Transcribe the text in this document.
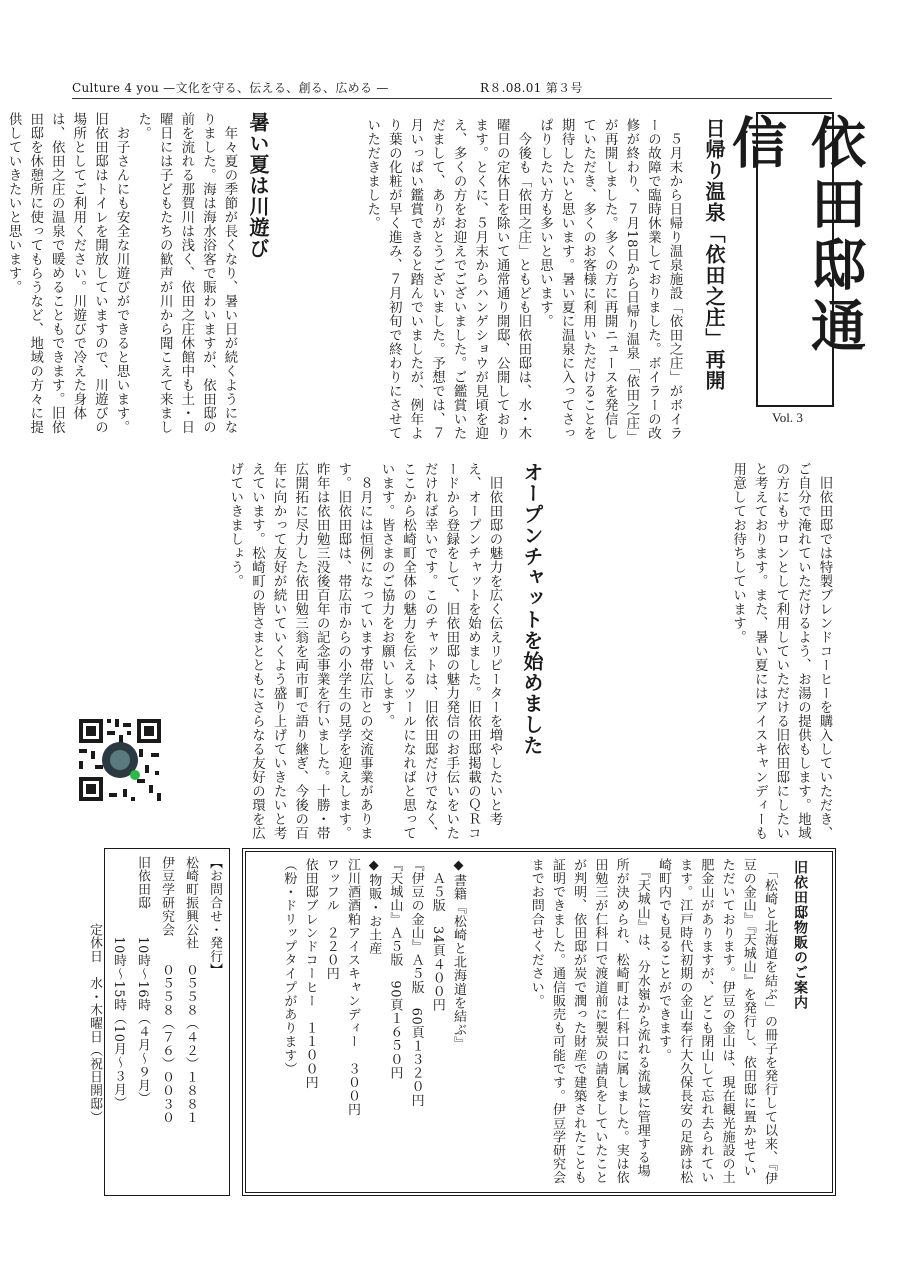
Culture 4 you —文化を守る、伝える、創る、広める —	R８.08.01 第３号
依田邸通信
Vol. 3
日帰り温泉「依田之庄」再開
　５月末から日帰り温泉施設「依田之庄」がボイラーの故障で臨時休業しておりました。ボイラーの改修が終わり、７月18日から日帰り温泉「依田之庄」が再開しました。多くの方に再開ニュースを発信していただき、多くのお客様に利用いただけることを期待したいと思います。暑い夏に温泉に入ってさっぱりしたい方も多いと思います。
　今後も「依田之庄」ともども旧依田邸は、水・木曜日の定休日を除いて通常通り開邸、公開しております。とくに、５月末からハンゲショウが見頃を迎え、多くの方をお迎えでございました。ご鑑賞いただまして、ありがとうございました。予想では、７月いっぱい鑑賞できると踏んでいましたが、例年より葉の化粧が早く進み、７月初旬で終わりにさせていただきました。
暑い夏は川遊び
　年々夏の季節が長くなり、暑い日が続くようになりました。海は海水浴客で賑わいますが、依田邸の前を流れる那賀川は浅く、依田之庄休館中も土・日曜日には子どもたちの歓声が川から聞こえて来ました。
　お子さんにも安全な川遊びができると思います。旧依田邸はトイレを開放していますので、川遊びの場所としてご利用ください。川遊びで冷えた身体は、依田之庄の温泉で暖めることもできます。旧依田邸を休憩所に使ってもらうなど、地域の方々に提供していきたいと思います。
　旧依田邸では特製ブレンドコーヒーを購入していただき、ご自分で淹れていただけるよう、お湯の提供もします。地域の方にもサロンとして利用していただける旧依田邸にしたいと考えております。また、暑い夏にはアイスキャンディーも用意してお待ちしています。
オープンチャットを始めました
　旧依田邸の魅力を広く伝えリピーターを増やしたいと考え、オープンチャットを始めました。旧依田邸掲載のＱＲコードから登録をして、旧依田邸の魅力発信のお手伝いをいただければ幸いです。このチャットは、旧依田邸だけでなく、ここから松崎町全体の魅力を伝えるツールになればと思っています。皆さまのご協力をお願いします。
　８月には恒例になっています帯広市との交流事業があります。旧依田邸は、帯広市からの小学生の見学を迎えします。昨年は依田勉三没後百年の記念事業を行いました。十勝・帯広開拓に尽力した依田勉三翁を両市町で語り継ぎ、今後の百年に向かって友好が続いていくよう盛り上げていきたいと考えています。松崎町の皆さまとともにさらなる友好の環を広げていきましょう。
旧依田邸物販のご案内
　「松崎と北海道を結ぶ」の冊子を発行して以来、『伊豆の金山』『天城山』を発行し、依田邸に置かせていただいております。伊豆の金山は、現在観光施設の土肥金山がありますが、どこも閉山して忘れ去られています。江戸時代初期の金山奉行大久保長安の足跡は松崎町内でも見ることができます。
　『天城山』は、分水嶺から流れる流域に管理する場所が決められ、松崎町は仁科口に属しました。実は依田勉三が仁科口で渡道前に製炭の請負をしていたことが判明、依田邸が炭で潤った財産で建築されたことも証明できました。通信販売も可能です。伊豆学研究会までお問合せください。
◆書籍『松崎と北海道を結ぶ』
　Ａ５版　34頁４００円
『伊豆の金山』Ａ５版　60頁１３２０円
『天城山』Ａ５版　90頁１６５０円
◆物販・お土産
江川酒酒粕アイスキャンディー　３００円
ワッフル　２２０円
依田邸ブレンドコーヒー　１１００円
（粉・ドリップタイプがあります）
【お問合せ・発行】
松崎町振興公社　０５５８（４２）１８８１
伊豆学研究会　　０５５８（７６）００３０
旧依田邸　　10時〜16時（４月〜９月）
　　　　　　10時〜15時（10月〜３月）
　　　　　定休日　水・木曜日（祝日開邸）
